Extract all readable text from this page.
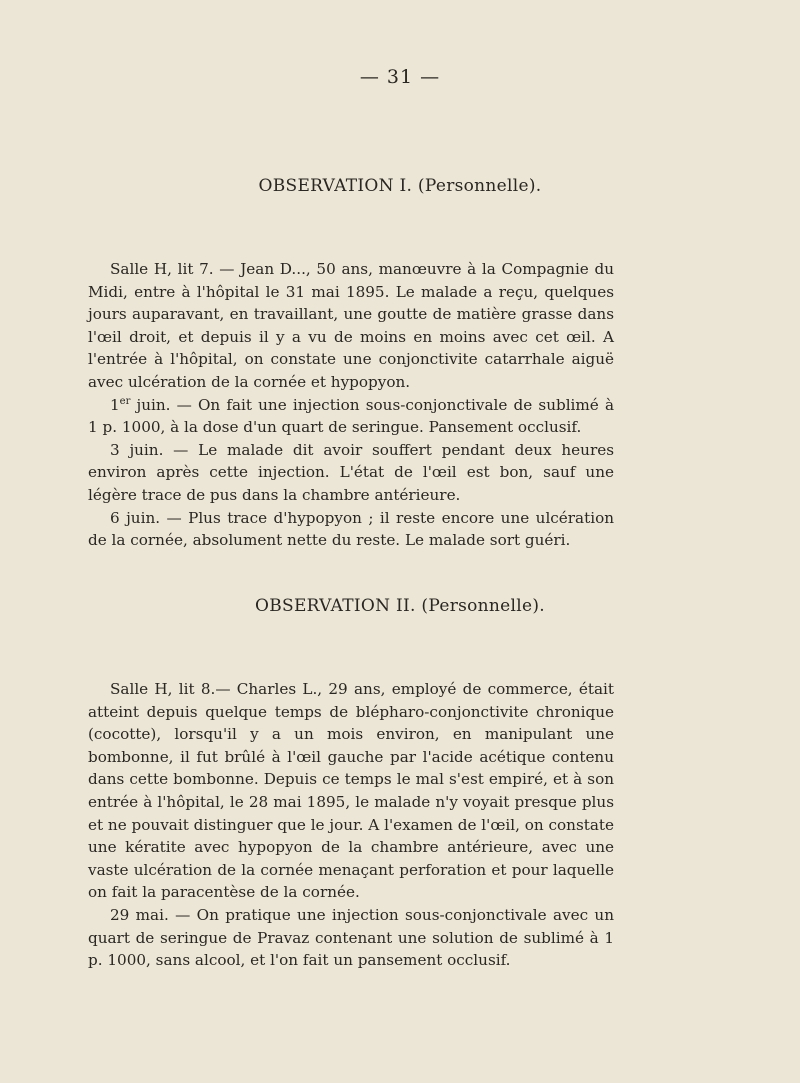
— 31 —
OBSERVATION I. (Personnelle).

Salle H, lit 7. — Jean D..., 50 ans, manœuvre à la Compagnie du Midi, entre à l'hôpital le 31 mai 1895. Le malade a reçu, quelques jours auparavant, en travaillant, une goutte de matière grasse dans l'œil droit, et depuis il y a vu de moins en moins avec cet œil. A l'entrée à l'hôpital, on constate une conjonctivite catarrhale aiguë avec ulcération de la cornée et hypopyon.

1er juin. — On fait une injection sous-conjonctivale de sublimé à 1 p. 1000, à la dose d'un quart de seringue. Pansement occlusif.

3 juin. — Le malade dit avoir souffert pendant deux heures environ après cette injection. L'état de l'œil est bon, sauf une légère trace de pus dans la chambre antérieure.

6 juin. — Plus trace d'hypopyon ; il reste encore une ulcération de la cornée, absolument nette du reste. Le malade sort guéri.

OBSERVATION II. (Personnelle).

Salle H, lit 8.— Charles L., 29 ans, employé de commerce, était atteint depuis quelque temps de blépharo-conjonctivite chronique (cocotte), lorsqu'il y a un mois environ, en manipulant une bombonne, il fut brûlé à l'œil gauche par l'acide acétique contenu dans cette bombonne. Depuis ce temps le mal s'est empiré, et à son entrée à l'hôpital, le 28 mai 1895, le malade n'y voyait presque plus et ne pouvait distinguer que le jour. A l'examen de l'œil, on constate une kératite avec hypopyon de la chambre antérieure, avec une vaste ulcération de la cornée menaçant perforation et pour laquelle on fait la paracentèse de la cornée.

29 mai. — On pratique une injection sous-conjonctivale avec un quart de seringue de Pravaz contenant une solution de sublimé à 1 p. 1000, sans alcool, et l'on fait un pansement occlusif.
